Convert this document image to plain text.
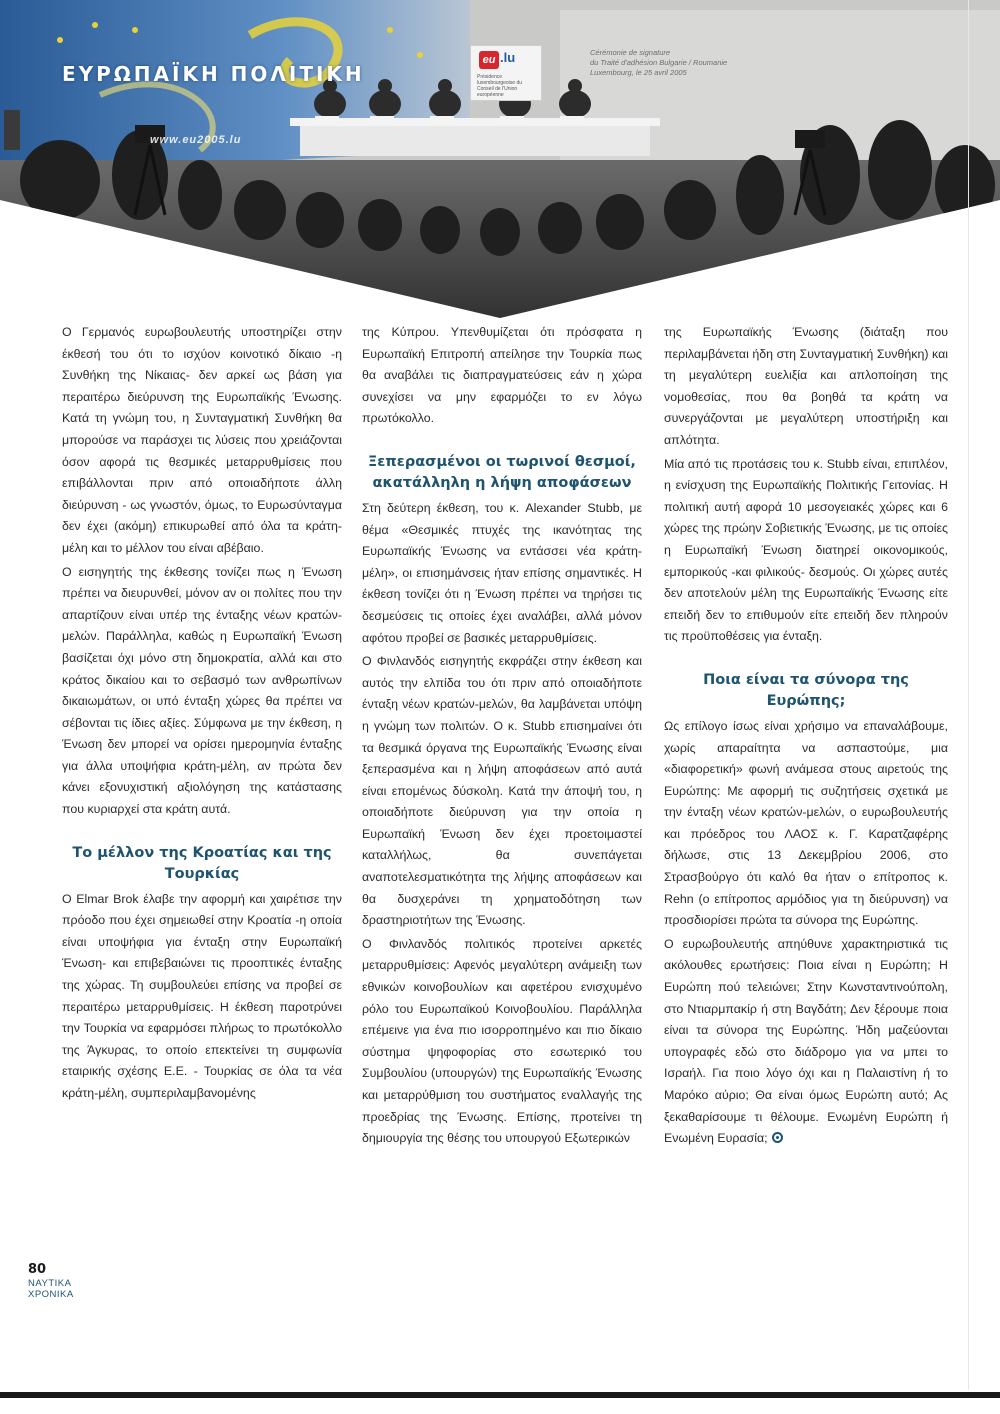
ΕΥΡΩΠΑΪΚΗ ΠΟΛΙΤΙΚΗ
www.eu2005.lu
eu .lu
Présidence luxembourgeoise du Conseil de l'Union européenne
Cérémonie de signature
du Traité d'adhésion Bulgarie / Roumanie
Luxembourg, le 25 avril 2005

Ο Γερμανός ευρωβουλευτής υποστηρίζει στην έκθεσή του ότι το ισχύον κοινοτικό δίκαιο -η Συνθήκη της Νίκαιας- δεν αρκεί ως βάση για περαιτέρω διεύρυνση της Ευρωπαϊκής Ένωσης. Κατά τη γνώμη του, η Συνταγματική Συνθήκη θα μπορούσε να παράσχει τις λύσεις που χρειάζονται όσον αφορά τις θεσμικές μεταρρυθμίσεις που επιβάλλονται πριν από οποιαδήποτε άλλη διεύρυνση - ως γνωστόν, όμως, το Ευρωσύνταγμα δεν έχει (ακόμη) επικυρωθεί από όλα τα κράτη-μέλη και το μέλλον του είναι αβέβαιο.

Ο εισηγητής της έκθεσης τονίζει πως η Ένωση πρέπει να διευρυνθεί, μόνον αν οι πολίτες που την απαρτίζουν είναι υπέρ της ένταξης νέων κρατών-μελών. Παράλληλα, καθώς η Ευρωπαϊκή Ένωση βασίζεται όχι μόνο στη δημοκρατία, αλλά και στο κράτος δικαίου και το σεβασμό των ανθρωπίνων δικαιωμάτων, οι υπό ένταξη χώρες θα πρέπει να σέβονται τις ίδιες αξίες. Σύμφωνα με την έκθεση, η Ένωση δεν μπορεί να ορίσει ημερομηνία ένταξης για άλλα υποψήφια κράτη-μέλη, αν πρώτα δεν κάνει εξονυχιστική αξιολόγηση της κατάστασης που κυριαρχεί στα κράτη αυτά.

Το μέλλον της Κροατίας και της Τουρκίας

Ο Elmar Brok έλαβε την αφορμή και χαιρέτισε την πρόοδο που έχει σημειωθεί στην Κροατία -η οποία είναι υποψήφια για ένταξη στην Ευρωπαϊκή Ένωση- και επιβεβαιώνει τις προοπτικές ένταξης της χώρας. Τη συμβουλεύει επίσης να προβεί σε περαιτέρω μεταρρυθμίσεις. Η έκθεση παροτρύνει την Τουρκία να εφαρμόσει πλήρως το πρωτόκολλο της Άγκυρας, το οποίο επεκτείνει τη συμφωνία εταιρικής σχέσης Ε.Ε. - Τουρκίας σε όλα τα νέα κράτη-μέλη, συμπεριλαμβανομένης

της Κύπρου. Υπενθυμίζεται ότι πρόσφατα η Ευρωπαϊκή Επιτροπή απείλησε την Τουρκία πως θα αναβάλει τις διαπραγματεύσεις εάν η χώρα συνεχίσει να μην εφαρμόζει το εν λόγω πρωτόκολλο.

Ξεπερασμένοι οι τωρινοί θεσμοί, ακατάλληλη η λήψη αποφάσεων

Στη δεύτερη έκθεση, του κ. Alexander Stubb, με θέμα «Θεσμικές πτυχές της ικανότητας της Ευρωπαϊκής Ένωσης να εντάσσει νέα κράτη-μέλη», οι επισημάνσεις ήταν επίσης σημαντικές. Η έκθεση τονίζει ότι η Ένωση πρέπει να τηρήσει τις δεσμεύσεις τις οποίες έχει αναλάβει, αλλά μόνον αφότου προβεί σε βασικές μεταρρυθμίσεις.

Ο Φινλανδός εισηγητής εκφράζει στην έκθεση και αυτός την ελπίδα του ότι πριν από οποιαδήποτε ένταξη νέων κρατών-μελών, θα λαμβάνεται υπόψη η γνώμη των πολιτών. Ο κ. Stubb επισημαίνει ότι τα θεσμικά όργανα της Ευρωπαϊκής Ένωσης είναι ξεπερασμένα και η λήψη αποφάσεων από αυτά είναι επομένως δύσκολη. Κατά την άποψή του, η οποιαδήποτε διεύρυνση για την οποία η Ευρωπαϊκή Ένωση δεν έχει προετοιμαστεί καταλλήλως, θα συνεπάγεται αναποτελεσματικότητα της λήψης αποφάσεων και θα δυσχεράνει τη χρηματοδότηση των δραστηριοτήτων της Ένωσης.

Ο Φινλανδός πολιτικός προτείνει αρκετές μεταρρυθμίσεις: Αφενός μεγαλύτερη ανάμειξη των εθνικών κοινοβουλίων και αφετέρου ενισχυμένο ρόλο του Ευρωπαϊκού Κοινοβουλίου. Παράλληλα επέμεινε για ένα πιο ισορροπημένο και πιο δίκαιο σύστημα ψηφοφορίας στο εσωτερικό του Συμβουλίου (υπουργών) της Ευρωπαϊκής Ένωσης και μεταρρύθμιση του συστήματος εναλλαγής της προεδρίας της Ένωσης. Επίσης, προτείνει τη δημιουργία της θέσης του υπουργού Εξωτερικών

της Ευρωπαϊκής Ένωσης (διάταξη που περιλαμβάνεται ήδη στη Συνταγματική Συνθήκη) και τη μεγαλύτερη ευελιξία και απλοποίηση της νομοθεσίας, που θα βοηθά τα κράτη να συνεργάζονται με μεγαλύτερη υποστήριξη και απλότητα.

Μία από τις προτάσεις του κ. Stubb είναι, επιπλέον, η ενίσχυση της Ευρωπαϊκής Πολιτικής Γειτονίας. Η πολιτική αυτή αφορά 10 μεσογειακές χώρες και 6 χώρες της πρώην Σοβιετικής Ένωσης, με τις οποίες η Ευρωπαϊκή Ένωση διατηρεί οικονομικούς, εμπορικούς -και φιλικούς- δεσμούς. Οι χώρες αυτές δεν αποτελούν μέλη της Ευρωπαϊκής Ένωσης είτε επειδή δεν το επιθυμούν είτε επειδή δεν πληρούν τις προϋποθέσεις για ένταξη.

Ποια είναι τα σύνορα της Ευρώπης;

Ως επίλογο ίσως είναι χρήσιμο να επαναλάβουμε, χωρίς απαραίτητα να ασπαστούμε, μια «διαφορετική» φωνή ανάμεσα στους αιρετούς της Ευρώπης: Με αφορμή τις συζητήσεις σχετικά με την ένταξη νέων κρατών-μελών, ο ευρωβουλευτής και πρόεδρος του ΛΑΟΣ κ. Γ. Καρατζαφέρης δήλωσε, στις 13 Δεκεμβρίου 2006, στο Στρασβούργο ότι καλό θα ήταν ο επίτροπος κ. Rehn (ο επίτροπος αρμόδιος για τη διεύρυνση) να προσδιορίσει πρώτα τα σύνορα της Ευρώπης.

Ο ευρωβουλευτής απηύθυνε χαρακτηριστικά τις ακόλουθες ερωτήσεις: Ποια είναι η Ευρώπη; Η Ευρώπη πού τελειώνει; Στην Κωνσταντινούπολη, στο Ντιαρμπακίρ ή στη Βαγδάτη; Δεν ξέρουμε ποια είναι τα σύνορα της Ευρώπης. Ήδη μαζεύονται υπογραφές εδώ στο διάδρομο για να μπει το Ισραήλ. Για ποιο λόγο όχι και η Παλαιστίνη ή το Μαρόκο αύριο; Θα είναι όμως Ευρώπη αυτό; Ας ξεκαθαρίσουμε τι θέλουμε. Ενωμένη Ευρώπη ή Ενωμένη Ευρασία;

80
ΝΑΥΤΙΚΑ
ΧΡΟΝΙΚΑ
